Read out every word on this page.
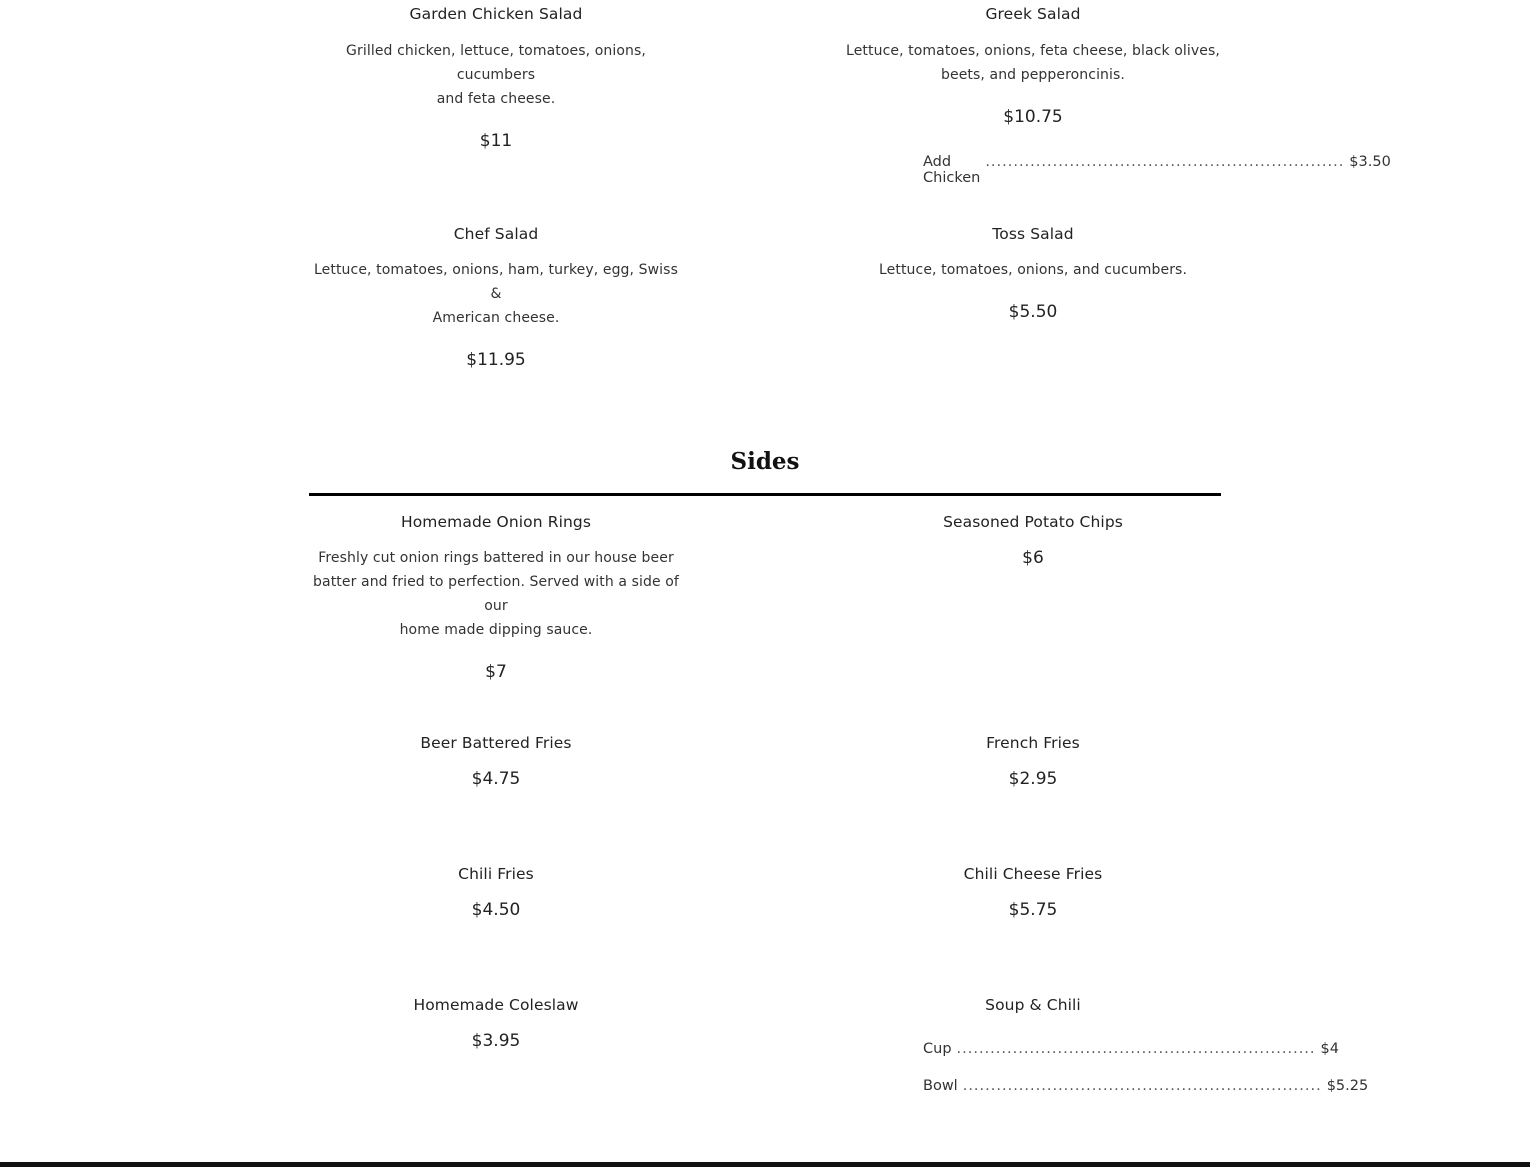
Garden Chicken Salad
Grilled chicken, lettuce, tomatoes, onions, cucumbers
and feta cheese.
$11
Greek Salad
Lettuce, tomatoes, onions, feta cheese, black olives,
beets, and pepperoncinis.
$10.75
Add Chicken
................................................................ $3.50
Chef Salad
Lettuce, tomatoes, onions, ham, turkey, egg, Swiss &
American cheese.
$11.95
Toss Salad
Lettuce, tomatoes, onions, and cucumbers.
$5.50
Sides
Homemade Onion Rings
Freshly cut onion rings battered in our house beer
batter and fried to perfection. Served with a side of our
home made dipping sauce.
$7
Seasoned Potato Chips
$6
Beer Battered Fries
$4.75
French Fries
$2.95
Chili Fries
$4.50
Chili Cheese Fries
$5.75
Homemade Coleslaw
$3.95
Soup & Chili
Cup ................................................................ $4
Bowl ................................................................ $5.25
